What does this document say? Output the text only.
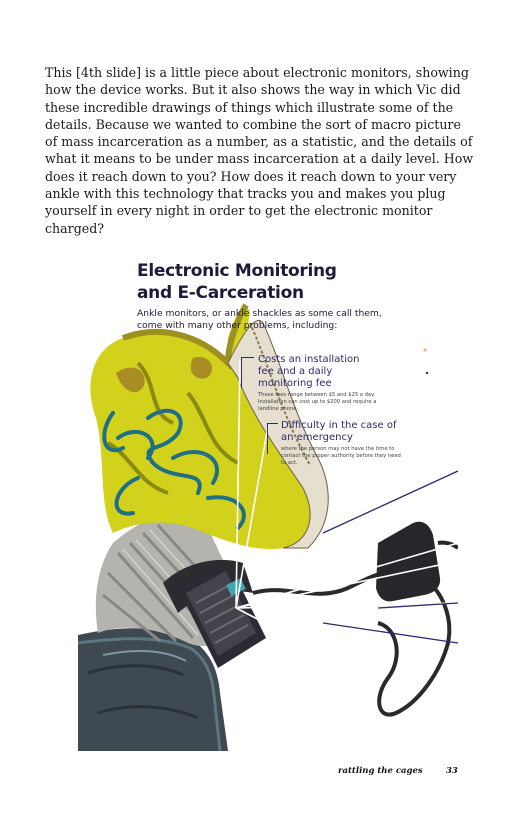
This [4th slide] is a little piece about electronic monitors, showing how the device works. But it also shows the way in which Vic did these incredible drawings of things which illustrate some of the details. Because we wanted to combine the sort of macro picture of mass incarceration as a number, as a statistic, and the details of what it means to be under mass incarceration at a daily level. How does it reach down to you? How does it reach down to your very ankle with this technology that tracks you and makes you plug yourself in every night in order to get the electronic monitor charged?

Electronic Monitoring
and E-Carceration

Ankle monitors, or ankle shackles as some call them, come with many other problems, including:

Costs an installation fee and a daily monitoring fee

These fees range between $5 and $25 a day. Installation can cost up to $200 and require a landline phone.

Difficulty in the case of an emergency

where the person may not have the time to contact the proper authority before they need to act.

rattling the cages	33
